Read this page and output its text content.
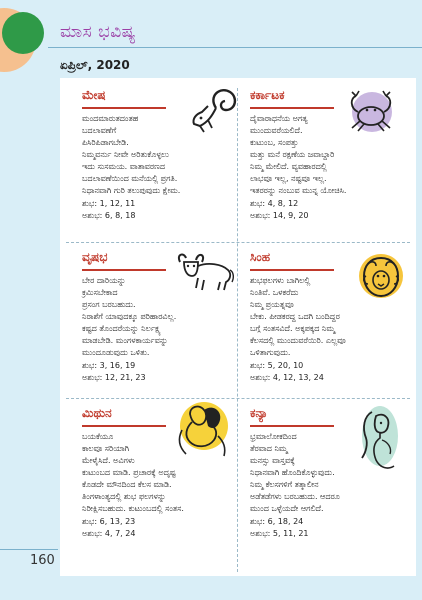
ಮಾಸ ಭವಿಷ್ಯ
ಏಪ್ರಿಲ್, 2020
ಮೇಷ
ಮಂದಮಾರುತದಂತಹ
ಬದಲಾವಣೆಗೆ
ಪಿಸಿರಿಪಿಡಾಗಬೇಡಿ.
ನಿಮ್ಮವರ್ನು ನೀವೇ ಅರಿತುಕೊಳ್ಳಲು
ಇದು ಸುಸಮಯ. ವಾತಾವರಣದ
ಬದಲಾವಣೆಯಿಂದ ಮನೆಯಲ್ಲಿ ಪ್ರಗತಿ.
ನಿಧಾನವಾಗಿ ಗುರಿ ತಲುಪುವುದು ಕ್ಷೇಮ.
ಶುಭ: 1, 12, 11
ಅಶುಭ: 6, 8, 18
ಕರ್ಕಾಟಕ
ದೈವಾರಾಧನೆಯ ಅಗತ್ಯ
ಮುಂದುವರೆಯಲಿದೆ.
ಕುಟುಂಬ, ಸಂಪತ್ತು
ಮತ್ತು ಮನೆ ರಕ್ಷಣೆಯ ಜವಾಬ್ದಾರಿ
ನಿಮ್ಮ ಮೇಲಿದೆ. ವ್ಯವಹಾರದಲ್ಲಿ
ಲಾಭವೂ ಇಲ್ಲ, ನಷ್ಟವೂ ಇಲ್ಲ.
ಇತರರನ್ನು ನಂಬುವ ಮುನ್ನ ಯೋಚಿಸಿ.
ಶುಭ: 4, 8, 12
ಅಶುಭ: 14, 9, 20
ವೃಷಭ
ಬೇರ ದಾರಿಯನ್ನು
ಕ್ರಮಿಸಬೇಕಾದ
ಪ್ರಸಂಗ ಬರಬಹುದು.
ನಿರಾಶೆಗೆ ಯಾವುದಕ್ಕೂ ಪರಿಹಾರವಿಲ್ಲ.
ಕಷ್ಟದ ತೊಂದರೆಯನ್ನು ನಿರ್ಲಕ್ಷ್ಯ
ಮಾಡಬೇಡಿ. ಮಂಗಳಕಾರ್ಯವನ್ನು
ಮುಂದೂಡುವುದು ಒಳಿತು.
ಶುಭ: 3, 16, 19
ಅಶುಭ: 12, 21, 23
ಸಿಂಹ
ಶುಭಫಲಗಳು ಬಾಗಿಲಲ್ಲಿ
ನಿಂತಿವೆ. ಒಳಕರೆದು
ನಿಮ್ಮ ಪ್ರಯತ್ನವೂ
ಬೇಕು. ಪೀಡಕರದ್ದ ಒದಗಿ ಬಂದಿದ್ದರ
ಬಗ್ಗೆ ಸಂತಸವಿದೆ. ಅಕ್ಕಪಕ್ಕದ ನಿಮ್ಮ
ಕೆಲಸದಲ್ಲಿ ಮುಂದುವರೆಯಿರಿ. ಎಲ್ಲವೂ
ಒಳಿತಾಗುವುದು.
ಶುಭ: 5, 20, 10
ಅಶುಭ: 4, 12, 13, 24
ಮಿಥುನ
ಬಯಕೆಯೂ
ಕಾಲವೂ ಸರಿಯಾಗಿ
ಮೇಳೈಸಿದೆ. ಅವಿಗಳು
ಕುಟುಂಬದ ಮಾಡಿ. ಪ್ರಚಾರಕ್ಕೆ ಅದೃಷ್ಟ
ಕೊಡದೇ ಮೌನದಿಂದ ಕೆಲಸ ಮಾಡಿ.
ತಿಂಗಳಾಂತ್ಯದಲ್ಲಿ ಶುಭ ಫಲಗಳನ್ನು
ನಿರೀಕ್ಷಿಸಬಹುದು. ಕುಟುಂಬದಲ್ಲಿ ಸಂತಸ.
ಶುಭ: 6, 13, 23
ಅಶುಭ: 4, 7, 24
ಕನ್ಯಾ
ಭ್ರಮಾಲೋಕದಿಂದ
ತೆರವಾದ ನಿಮ್ಮ
ಮನಸ್ಸು ವಾಸ್ತವಕ್ಕೆ
ನಿಧಾನವಾಗಿ ಹೊಂದಿಕೊಳ್ಳುವುದು.
ನಿಮ್ಮ ಕೆಲಸಗಳಿಗೆ ತತ್ಕಾಲೀನ
ಅಡೆತಡೆಗಳು ಬರಬಹುದು. ಆದರೂ
ಮುಂದ ಒಳ್ಳೆಯದೇ ಆಗಲಿದೆ.
ಶುಭ: 6, 18, 24
ಅಶುಭ: 5, 11, 21
160
